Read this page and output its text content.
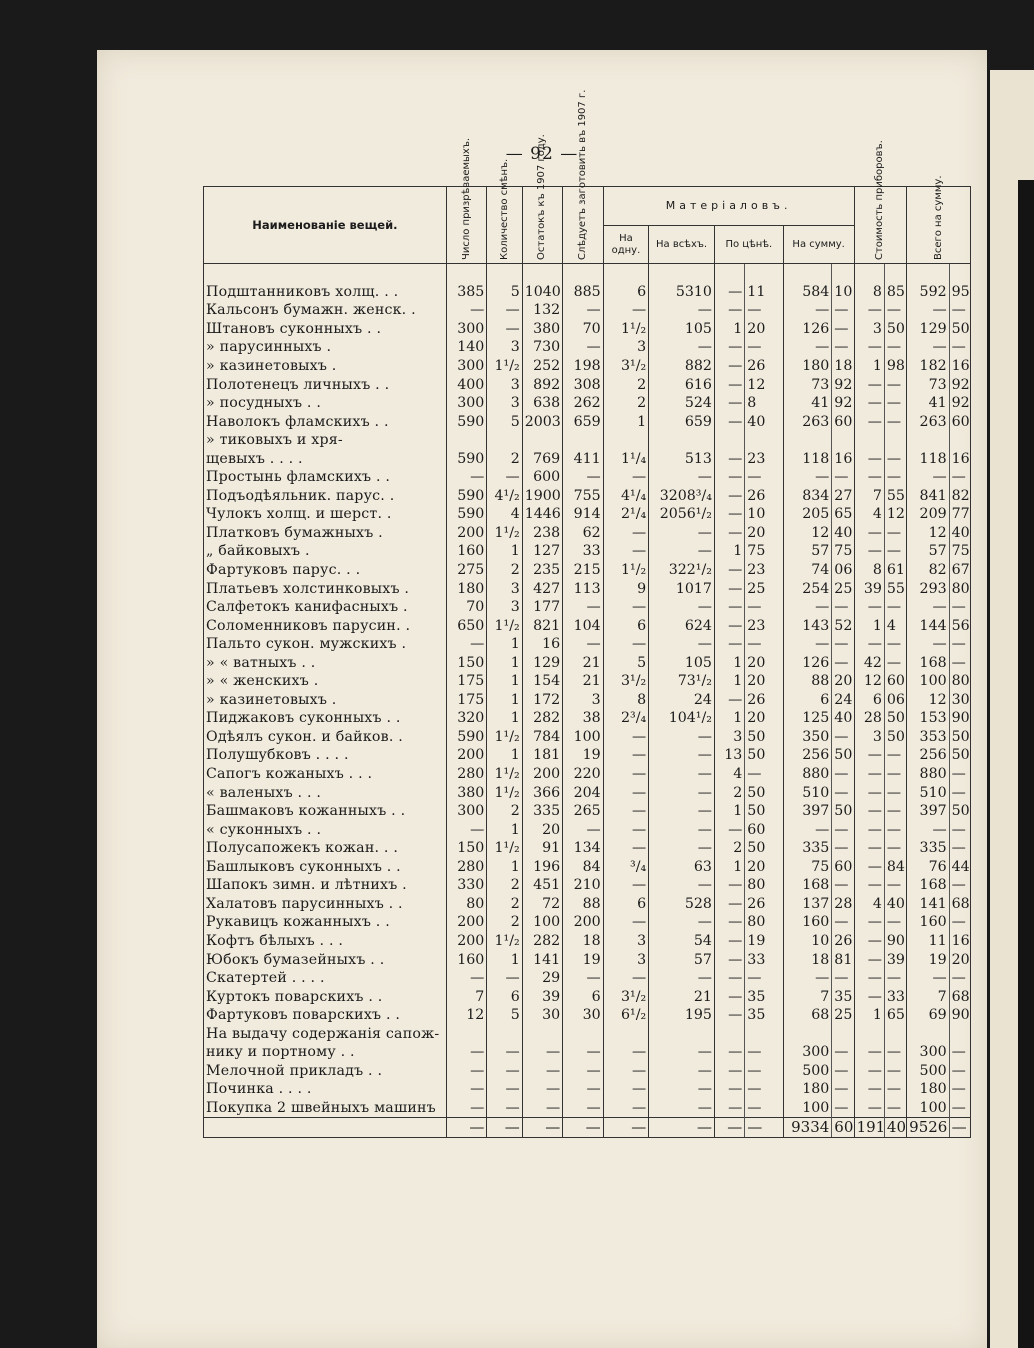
— 92 —
Наименованіе вещей.	Число призрѣваемыхъ.	Количество смѣнъ.	Остатокъ къ 1907 году.	Слѣдуетъ заготовить въ 1907 г.	Матеріаловъ.						Стоимость приборовъ.		Всего на сумму.	

					На одну.	На всѣхъ.	По цѣнѣ.		На сумму.					

Подштанниковъ холщ. . .	385	5	1040	885	6	5310	—	11	584	10	8	85	592	95
Кальсонъ бумажн. женск. .	—	—	132	—	—	—	—	—	—	—	—	—	—	—
Штановъ суконныхъ . .	300	—	380	70	1¹/₂	105	1	20	126	—	3	50	129	50
» парусинныхъ .	140	3	730	—	3	—	—	—	—	—	—	—	—	—
» казинетовыхъ .	300	1¹/₂	252	198	3¹/₂	882	—	26	180	18	1	98	182	16
Полотенецъ личныхъ . .	400	3	892	308	2	616	—	12	73	92	—	—	73	92
» посудныхъ . .	300	3	638	262	2	524	—	8	41	92	—	—	41	92
Наволокъ фламскихъ . .	590	5	2003	659	1	659	—	40	263	60	—	—	263	60
» тиковыхъ и хря-														
щевыхъ . . . .	590	2	769	411	1¹/₄	513	—	23	118	16	—	—	118	16
Простынь фламскихъ . .	—	—	600	—	—	—	—	—	—	—	—	—	—	—
Подъодѣяльник. парус. .	590	4¹/₂	1900	755	4¹/₄	3208³/₄	—	26	834	27	7	55	841	82
Чулокъ холщ. и шерст. .	590	4	1446	914	2¹/₄	2056¹/₂	—	10	205	65	4	12	209	77
Платковъ бумажныхъ .	200	1¹/₂	238	62	—	—	—	20	12	40	—	—	12	40
„ байковыхъ .	160	1	127	33	—	—	1	75	57	75	—	—	57	75
Фартуковъ парус. . .	275	2	235	215	1¹/₂	322¹/₂	—	23	74	06	8	61	82	67
Платьевъ холстинковыхъ .	180	3	427	113	9	1017	—	25	254	25	39	55	293	80
Салфетокъ канифасныхъ .	70	3	177	—	—	—	—	—	—	—	—	—	—	—
Соломенниковъ парусин. .	650	1¹/₂	821	104	6	624	—	23	143	52	1	4	144	56
Пальто сукон. мужскихъ .	—	1	16	—	—	—	—	—	—	—	—	—	—	—
» « ватныхъ . .	150	1	129	21	5	105	1	20	126	—	42	—	168	—
» « женскихъ .	175	1	154	21	3¹/₂	73¹/₂	1	20	88	20	12	60	100	80
» казинетовыхъ .	175	1	172	3	8	24	—	26	6	24	6	06	12	30
Пиджаковъ суконныхъ . .	320	1	282	38	2³/₄	104¹/₂	1	20	125	40	28	50	153	90
Одѣялъ сукон. и байков. .	590	1¹/₂	784	100	—	—	3	50	350	—	3	50	353	50
Полушубковъ . . . .	200	1	181	19	—	—	13	50	256	50	—	—	256	50
Сапогъ кожаныхъ . . .	280	1¹/₂	200	220	—	—	4	—	880	—	—	—	880	—
« валеныхъ . . .	380	1¹/₂	366	204	—	—	2	50	510	—	—	—	510	—
Башмаковъ кожанныхъ . .	300	2	335	265	—	—	1	50	397	50	—	—	397	50
« суконныхъ . .	—	1	20	—	—	—	—	60	—	—	—	—	—	—
Полусапожекъ кожан. . .	150	1¹/₂	91	134	—	—	2	50	335	—	—	—	335	—
Башлыковъ суконныхъ . .	280	1	196	84	³/₄	63	1	20	75	60	—	84	76	44
Шапокъ зимн. и лѣтнихъ .	330	2	451	210	—	—	—	80	168	—	—	—	168	—
Халатовъ парусинныхъ . .	80	2	72	88	6	528	—	26	137	28	4	40	141	68
Рукавицъ кожанныхъ . .	200	2	100	200	—	—	—	80	160	—	—	—	160	—
Кофтъ бѣлыхъ . . .	200	1¹/₂	282	18	3	54	—	19	10	26	—	90	11	16
Юбокъ бумазейныхъ . .	160	1	141	19	3	57	—	33	18	81	—	39	19	20
Скатертей . . . .	—	—	29	—	—	—	—	—	—	—	—	—	—	—
Куртокъ поварскихъ . .	7	6	39	6	3¹/₂	21	—	35	7	35	—	33	7	68
Фартуковъ поварскихъ . .	12	5	30	30	6¹/₂	195	—	35	68	25	1	65	69	90
На выдачу содержанія сапож-														
нику и портному . .	—	—	—	—	—	—	—	—	300	—	—	—	300	—
Мелочной прикладъ . .	—	—	—	—	—	—	—	—	500	—	—	—	500	—
Починка . . . .	—	—	—	—	—	—	—	—	180	—	—	—	180	—
Покупка 2 швейныхъ машинъ	—	—	—	—	—	—	—	—	100	—	—	—	100	—
	—	—	—	—	—	—	—	—	9334	60	191	40	9526	—
